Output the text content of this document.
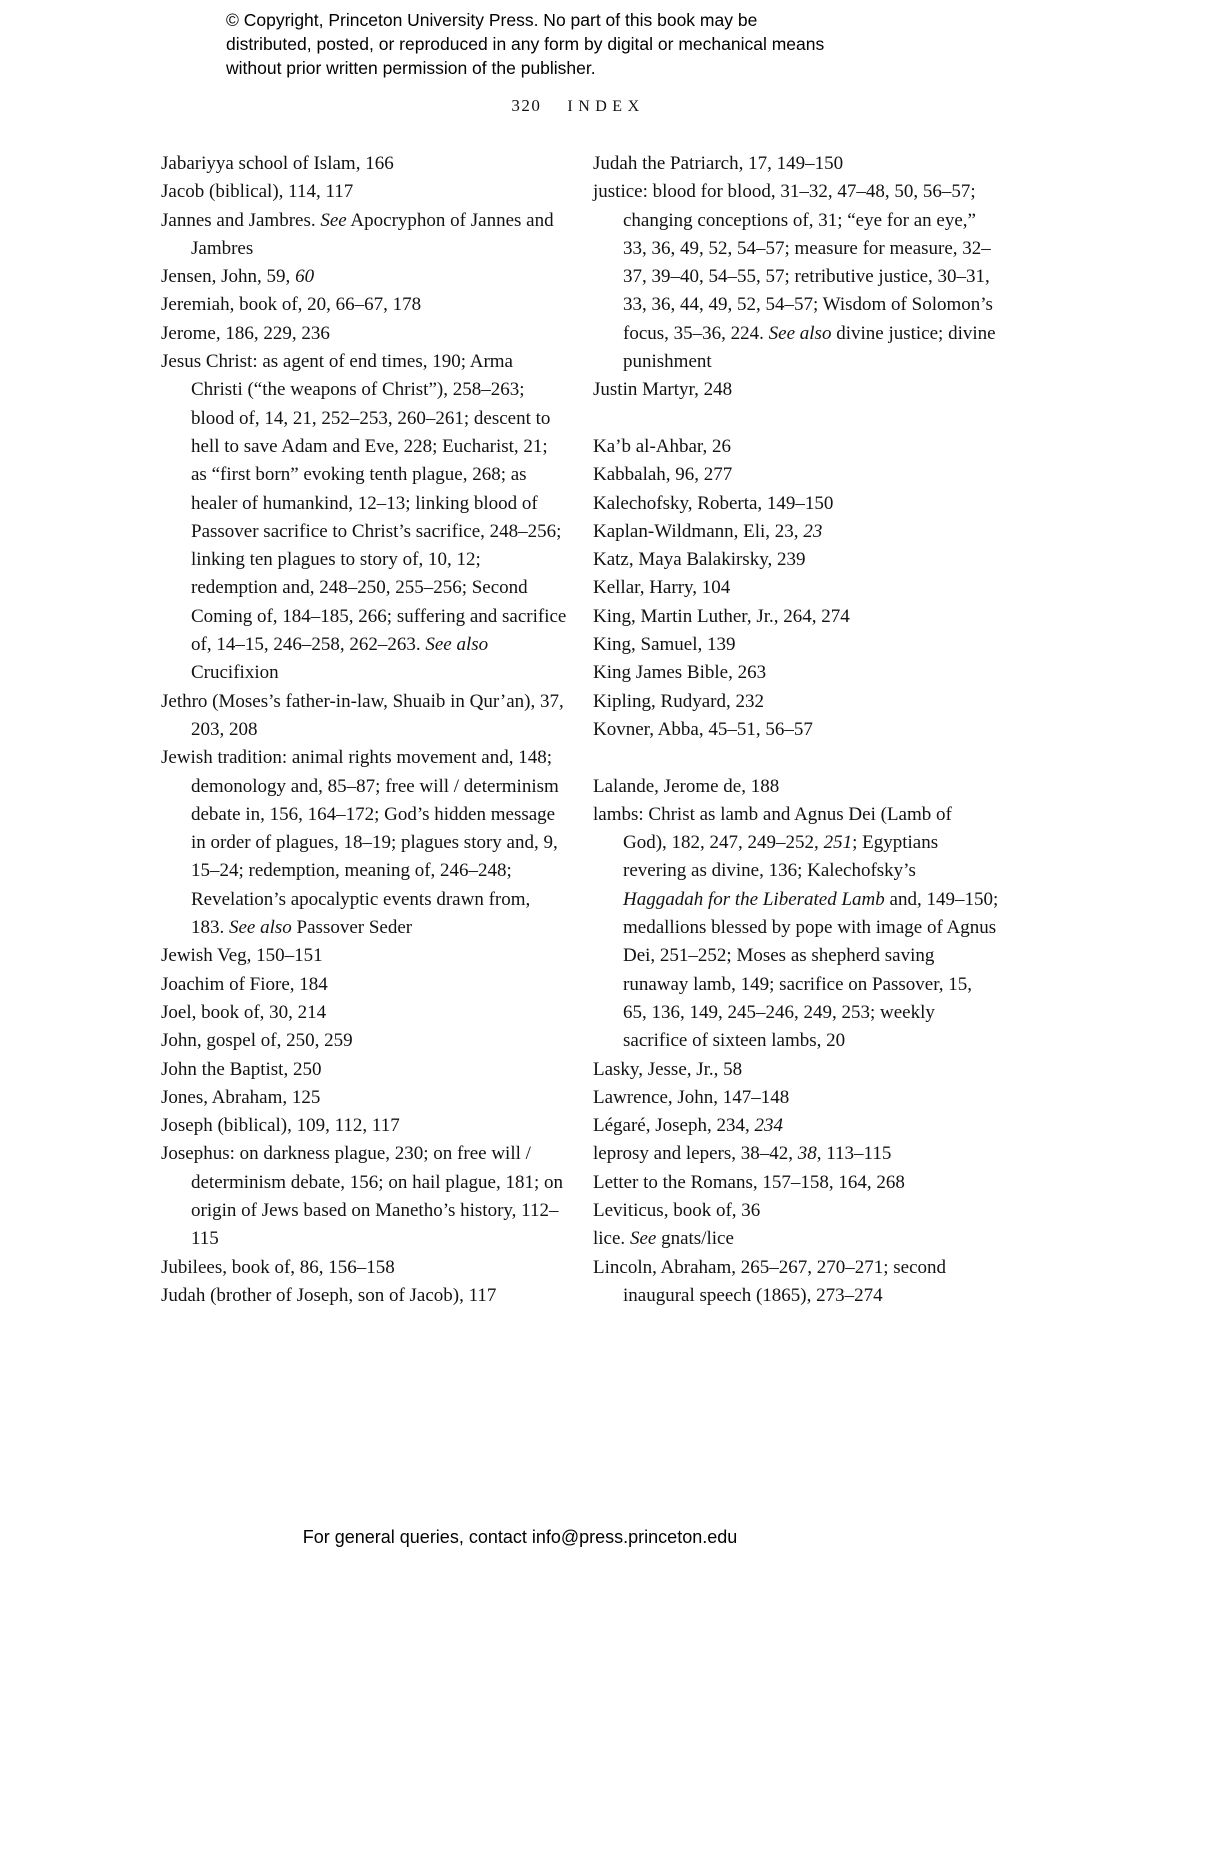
© Copyright, Princeton University Press. No part of this book may be distributed, posted, or reproduced in any form by digital or mechanical means without prior written permission of the publisher.
320 INDEX
Jabariyya school of Islam, 166
Jacob (biblical), 114, 117
Jannes and Jambres. See Apocryphon of Jannes and Jambres
Jensen, John, 59, 60
Jeremiah, book of, 20, 66–67, 178
Jerome, 186, 229, 236
Jesus Christ: as agent of end times, 190; Arma Christi (“the weapons of Christ”), 258–263; blood of, 14, 21, 252–253, 260–261; descent to hell to save Adam and Eve, 228; Eucharist, 21; as “first born” evoking tenth plague, 268; as healer of humankind, 12–13; linking blood of Passover sacrifice to Christ’s sacrifice, 248–256; linking ten plagues to story of, 10, 12; redemption and, 248–250, 255–256; Second Coming of, 184–185, 266; suffering and sacrifice of, 14–15, 246–258, 262–263. See also Crucifixion
Jethro (Moses’s father-in-law, Shuaib in Qur’an), 37, 203, 208
Jewish tradition: animal rights movement and, 148; demonology and, 85–87; free will / determinism debate in, 156, 164–172; God’s hidden message in order of plagues, 18–19; plagues story and, 9, 15–24; redemption, meaning of, 246–248; Revelation’s apocalyptic events drawn from, 183. See also Passover Seder
Jewish Veg, 150–151
Joachim of Fiore, 184
Joel, book of, 30, 214
John, gospel of, 250, 259
John the Baptist, 250
Jones, Abraham, 125
Joseph (biblical), 109, 112, 117
Josephus: on darkness plague, 230; on free will / determinism debate, 156; on hail plague, 181; on origin of Jews based on Manetho’s history, 112–115
Jubilees, book of, 86, 156–158
Judah (brother of Joseph, son of Jacob), 117
Judah the Patriarch, 17, 149–150
justice: blood for blood, 31–32, 47–48, 50, 56–57; changing conceptions of, 31; “eye for an eye,” 33, 36, 49, 52, 54–57; measure for measure, 32–37, 39–40, 54–55, 57; retributive justice, 30–31, 33, 36, 44, 49, 52, 54–57; Wisdom of Solomon’s focus, 35–36, 224. See also divine justice; divine punishment
Justin Martyr, 248
Ka’b al-Ahbar, 26
Kabbalah, 96, 277
Kalechofsky, Roberta, 149–150
Kaplan-Wildmann, Eli, 23, 23
Katz, Maya Balakirsky, 239
Kellar, Harry, 104
King, Martin Luther, Jr., 264, 274
King, Samuel, 139
King James Bible, 263
Kipling, Rudyard, 232
Kovner, Abba, 45–51, 56–57
Lalande, Jerome de, 188
lambs: Christ as lamb and Agnus Dei (Lamb of God), 182, 247, 249–252, 251; Egyptians revering as divine, 136; Kalechofsky’s Haggadah for the Liberated Lamb and, 149–150; medallions blessed by pope with image of Agnus Dei, 251–252; Moses as shepherd saving runaway lamb, 149; sacrifice on Passover, 15, 65, 136, 149, 245–246, 249, 253; weekly sacrifice of sixteen lambs, 20
Lasky, Jesse, Jr., 58
Lawrence, John, 147–148
Légaré, Joseph, 234, 234
leprosy and lepers, 38–42, 38, 113–115
Letter to the Romans, 157–158, 164, 268
Leviticus, book of, 36
lice. See gnats/lice
Lincoln, Abraham, 265–267, 270–271; second inaugural speech (1865), 273–274
For general queries, contact info@press.princeton.edu
